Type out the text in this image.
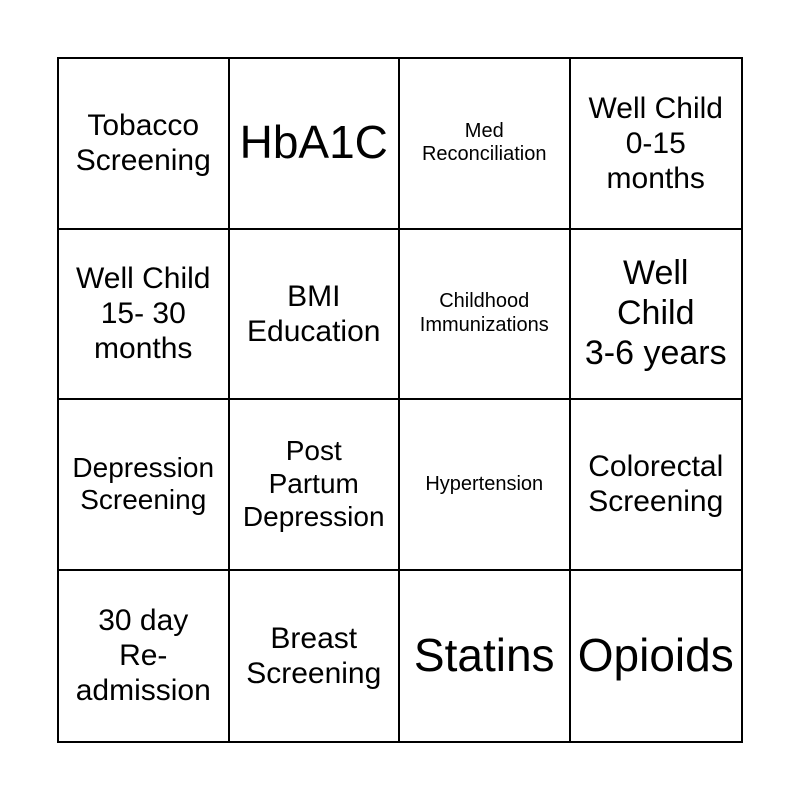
Tobacco
Screening HbA1C	Med
Reconciliation
Well Child
0-15
months
Well Child
15- 30
months
BMI
Education
Childhood
Immunizations
Well
Child
3-6 years
Depression
Screening
Post
Partum
Depression
Hypertension
Colorectal
Screening
30 day
Re-
admission
Breast
Screening Statins Opioids
